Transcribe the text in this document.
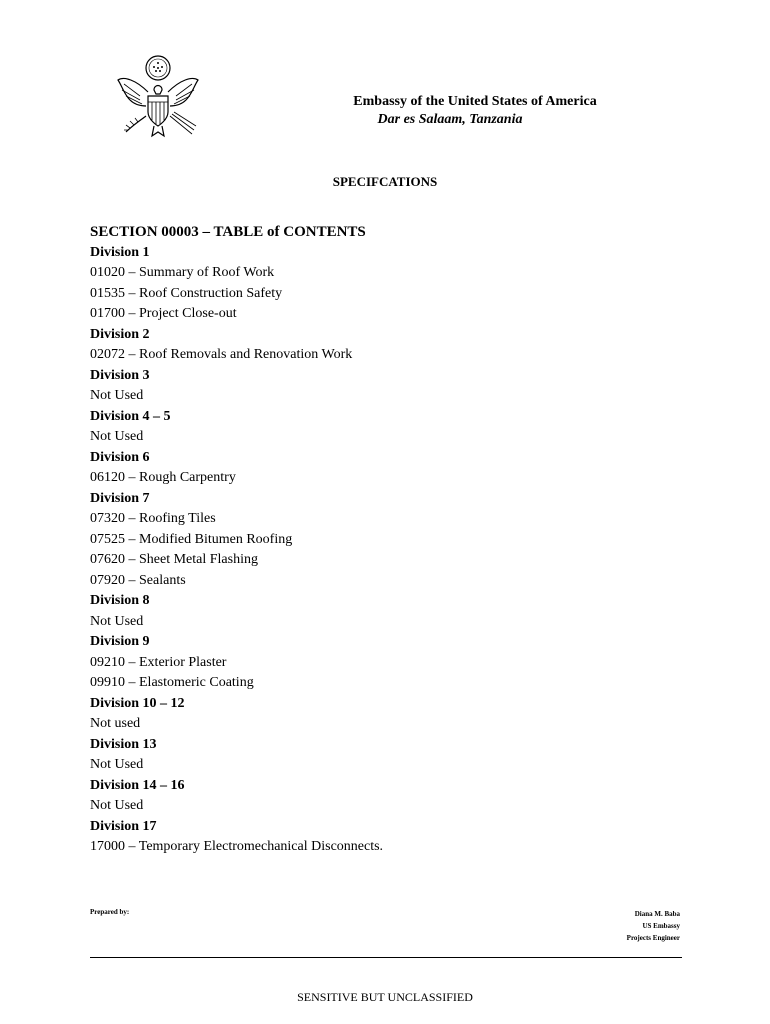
Embassy of the United States of America
Dar es Salaam, Tanzania
SPECIFCATIONS
SECTION 00003 – TABLE of CONTENTS
Division 1
01020 – Summary of Roof Work
01535 – Roof Construction Safety
01700 – Project Close-out
Division 2
02072 – Roof Removals and Renovation Work
Division 3
Not Used
Division 4 – 5
Not Used
Division 6
06120 – Rough Carpentry
Division 7
07320 – Roofing Tiles
07525 – Modified Bitumen Roofing
07620 – Sheet Metal Flashing
07920 – Sealants
Division 8
Not Used
Division 9
09210 – Exterior Plaster
09910 – Elastomeric Coating
Division 10 – 12
Not used
Division 13
Not Used
Division 14 – 16
Not Used
Division 17
17000 – Temporary Electromechanical Disconnects.
Prepared by:	Diana M. Baba
US Embassy
Projects Engineer
SENSITIVE BUT UNCLASSIFIED
